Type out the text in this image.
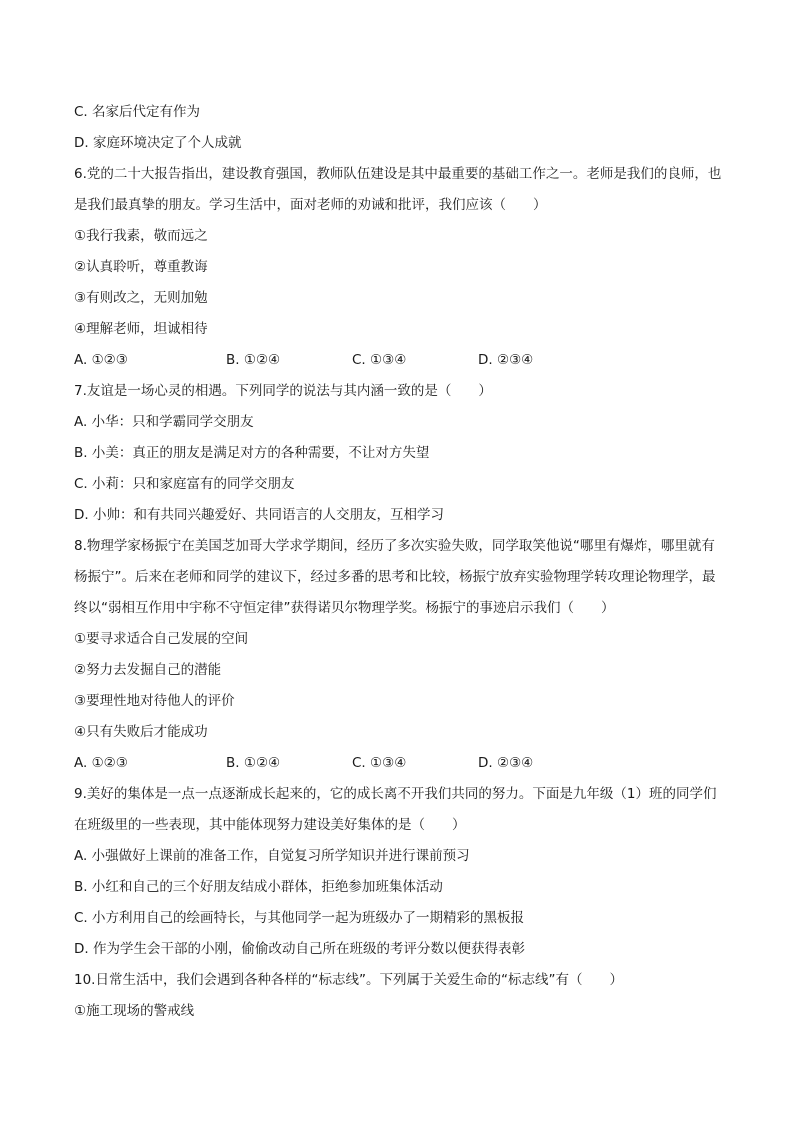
C. 名家后代定有作为
D. 家庭环境决定了个人成就
6.党的二十大报告指出，建设教育强国，教师队伍建设是其中最重要的基础工作之一。老师是我们的良师，也是我们最真挚的朋友。学习生活中，面对老师的劝诫和批评，我们应该（　　）
①我行我素，敬而远之
②认真聆听，尊重教诲
③有则改之，无则加勉
④理解老师，坦诚相待
A. ①②③	B. ①②④	C. ①③④	D. ②③④
7.友谊是一场心灵的相遇。下列同学的说法与其内涵一致的是（　　）
A. 小华：只和学霸同学交朋友
B. 小美：真正的朋友是满足对方的各种需要，不让对方失望
C. 小莉：只和家庭富有的同学交朋友
D. 小帅：和有共同兴趣爱好、共同语言的人交朋友，互相学习
8.物理学家杨振宁在美国芝加哥大学求学期间，经历了多次实验失败，同学取笑他说“哪里有爆炸，哪里就有杨振宁”。后来在老师和同学的建议下，经过多番的思考和比较，杨振宁放弃实验物理学转攻理论物理学，最终以“弱相互作用中宇称不守恒定律”获得诺贝尔物理学奖。杨振宁的事迹启示我们（　　）
①要寻求适合自己发展的空间
②努力去发掘自己的潜能
③要理性地对待他人的评价
④只有失败后才能成功
A. ①②③	B. ①②④	C. ①③④	D. ②③④
9.美好的集体是一点一点逐渐成长起来的，它的成长离不开我们共同的努力。下面是九年级（1）班的同学们在班级里的一些表现，其中能体现努力建设美好集体的是（　　）
A. 小强做好上课前的准备工作，自觉复习所学知识并进行课前预习
B. 小红和自己的三个好朋友结成小群体，拒绝参加班集体活动
C. 小方利用自己的绘画特长，与其他同学一起为班级办了一期精彩的黑板报
D. 作为学生会干部的小刚，偷偷改动自己所在班级的考评分数以便获得表彰
10.日常生活中，我们会遇到各种各样的“标志线”。下列属于关爱生命的“标志线”有（　　）
①施工现场的警戒线
